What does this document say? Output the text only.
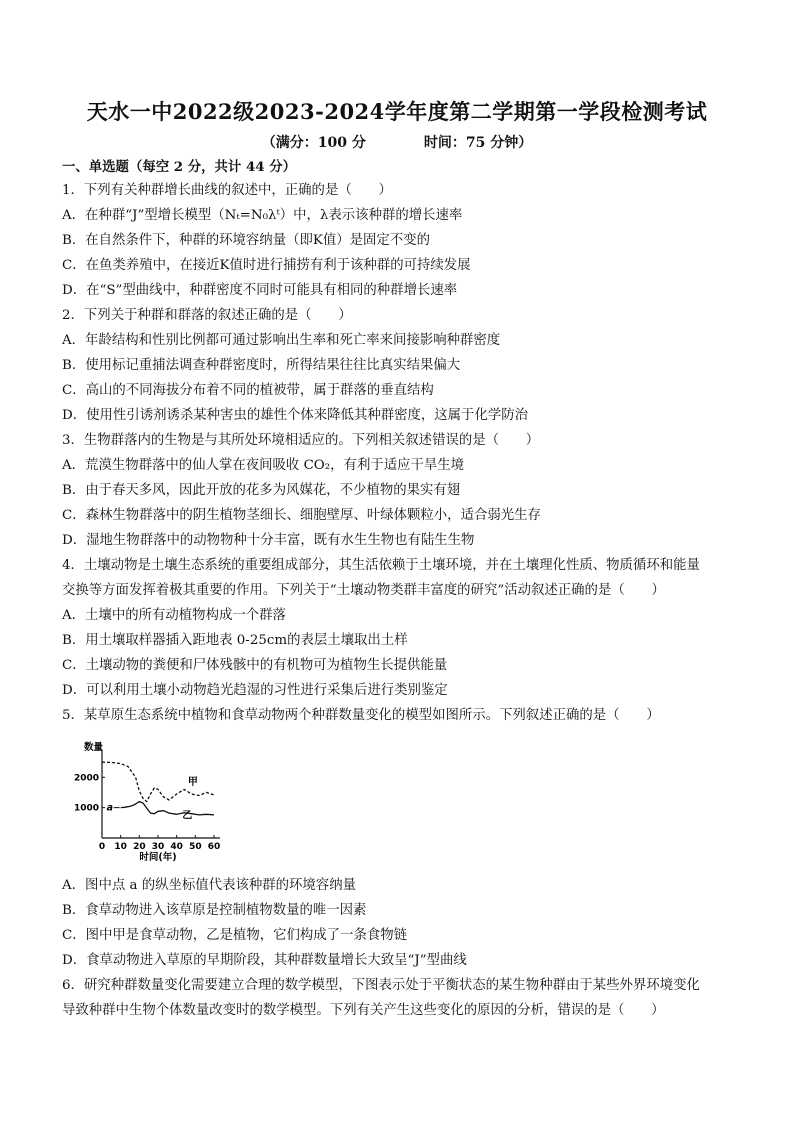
天水一中2022级2023-2024学年度第二学期第一学段检测考试
（满分：100 分	时间：75 分钟）
一、单选题（每空 2 分，共计 44 分）
1．下列有关种群增长曲线的叙述中，正确的是（　　）
A．在种群“J”型增长模型（Nₜ=N₀λᵗ）中，λ表示该种群的增长速率
B．在自然条件下，种群的环境容纳量（即K值）是固定不变的
C．在鱼类养殖中，在接近K值时进行捕捞有利于该种群的可持续发展
D．在“S”型曲线中，种群密度不同时可能具有相同的种群增长速率
2．下列关于种群和群落的叙述正确的是（　　）
A．年龄结构和性别比例都可通过影响出生率和死亡率来间接影响种群密度
B．使用标记重捕法调查种群密度时，所得结果往往比真实结果偏大
C．高山的不同海拔分布着不同的植被带，属于群落的垂直结构
D．使用性引诱剂诱杀某种害虫的雄性个体来降低其种群密度，这属于化学防治
3．生物群落内的生物是与其所处环境相适应的。下列相关叙述错误的是（　　）
A．荒漠生物群落中的仙人掌在夜间吸收 CO₂，有利于适应干旱生境
B．由于春天多风，因此开放的花多为风媒花，不少植物的果实有翅
C．森林生物群落中的阴生植物茎细长、细胞壁厚、叶绿体颗粒小，适合弱光生存
D．湿地生物群落中的动物物种十分丰富，既有水生生物也有陆生生物
4．土壤动物是土壤生态系统的重要组成部分，其生活依赖于土壤环境，并在土壤理化性质、物质循环和能量
交换等方面发挥着极其重要的作用。下列关于“土壤动物类群丰富度的研究”活动叙述正确的是（　　）
A．土壤中的所有动植物构成一个群落
B．用土壤取样器插入距地表 0-25cm的表层土壤取出土样
C．土壤动物的粪便和尸体残骸中的有机物可为植物生长提供能量
D．可以利用土壤小动物趋光趋湿的习性进行采集后进行类别鉴定
5．某草原生态系统中植物和食草动物两个种群数量变化的模型如图所示。下列叙述正确的是（　　）
0 10 20 30 40 50 60
1000
2000
数量
时间(年)
a
甲
乙
A．图中点 a 的纵坐标值代表该种群的环境容纳量
B．食草动物进入该草原是控制植物数量的唯一因素
C．图中甲是食草动物，乙是植物，它们构成了一条食物链
D．食草动物进入草原的早期阶段，其种群数量增长大致呈“J”型曲线
6．研究种群数量变化需要建立合理的数学模型，下图表示处于平衡状态的某生物种群由于某些外界环境变化
导致种群中生物个体数量改变时的数学模型。下列有关产生这些变化的原因的分析，错误的是（　　）
